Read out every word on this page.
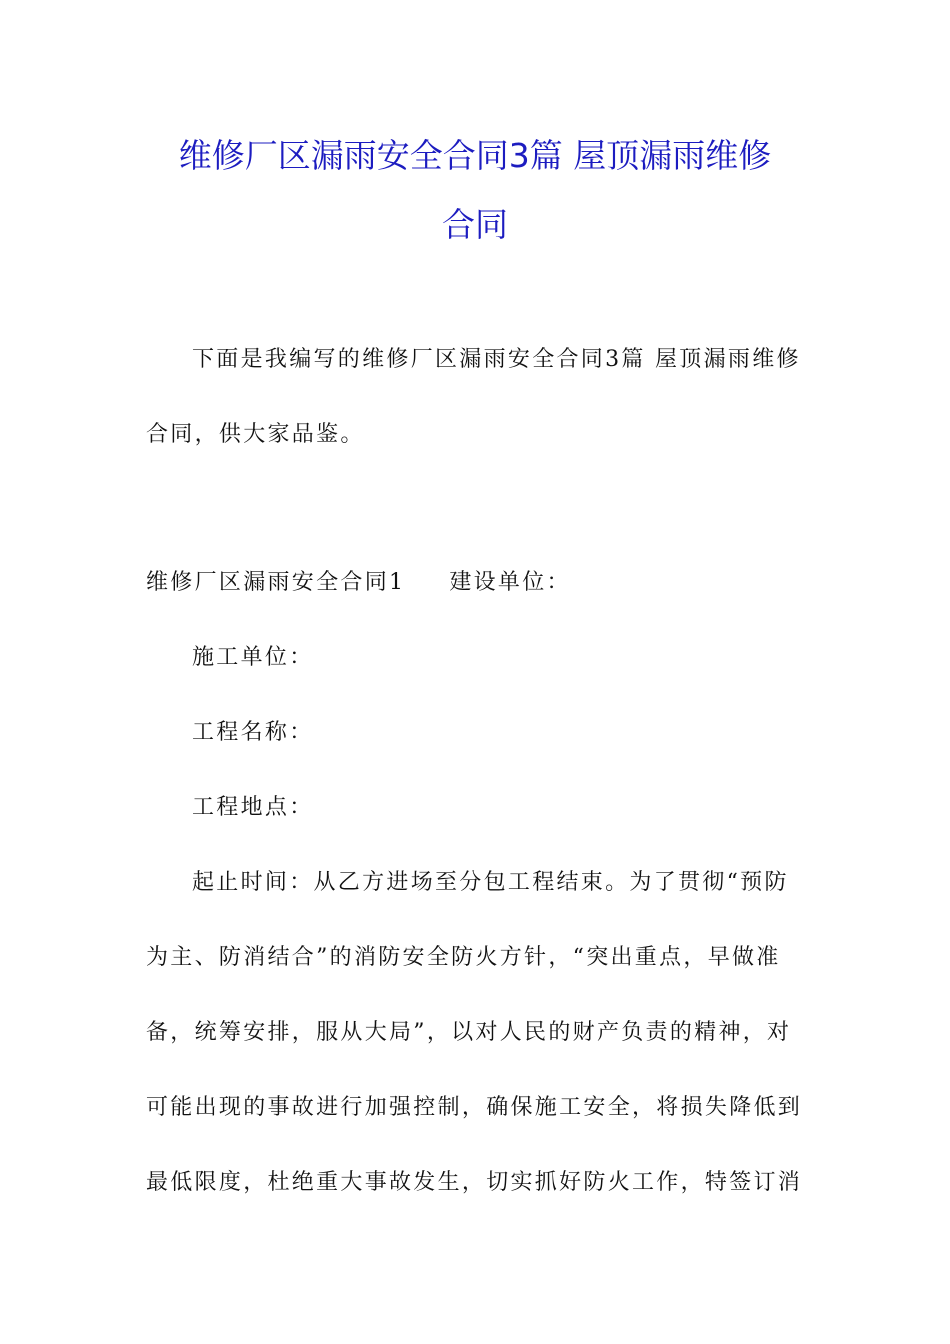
维修厂区漏雨安全合同3篇 屋顶漏雨维修
合同
下面是我编写的维修厂区漏雨安全合同3篇 屋顶漏雨维修
合同，供大家品鉴。
维修厂区漏雨安全合同1 建设单位：
施工单位：
工程名称：
工程地点：
起止时间：从乙方进场至分包工程结束。为了贯彻“预防
为主、防消结合”的消防安全防火方针，“突出重点，早做准
备，统筹安排，服从大局”，以对人民的财产负责的精神，对
可能出现的事故进行加强控制，确保施工安全，将损失降低到
最低限度，杜绝重大事故发生，切实抓好防火工作，特签订消
